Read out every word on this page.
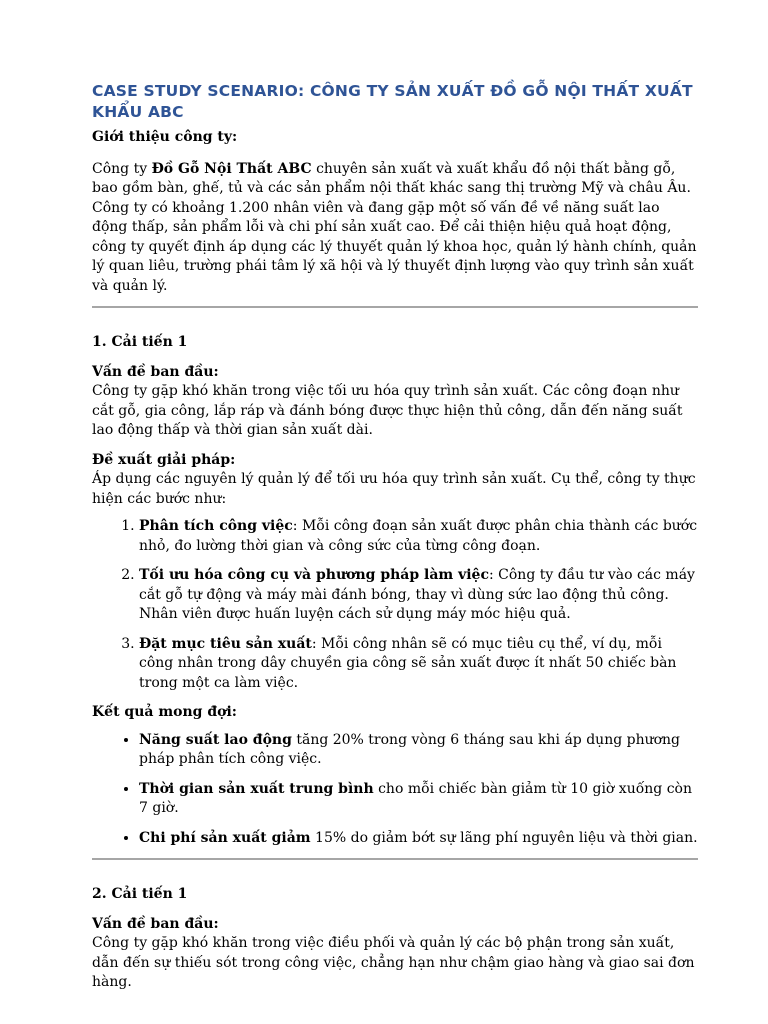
CASE STUDY SCENARIO: CÔNG TY SẢN XUẤT ĐỒ GỖ NỘI THẤT XUẤT KHẨU ABC

Giới thiệu công ty:

Công ty Đồ Gỗ Nội Thất ABC chuyên sản xuất và xuất khẩu đồ nội thất bằng gỗ, bao gồm bàn, ghế, tủ và các sản phẩm nội thất khác sang thị trường Mỹ và châu Âu. Công ty có khoảng 1.200 nhân viên và đang gặp một số vấn đề về năng suất lao động thấp, sản phẩm lỗi và chi phí sản xuất cao. Để cải thiện hiệu quả hoạt động, công ty quyết định áp dụng các lý thuyết quản lý khoa học, quản lý hành chính, quản lý quan liêu, trường phái tâm lý xã hội và lý thuyết định lượng vào quy trình sản xuất và quản lý.

1. Cải tiến 1

Vấn đề ban đầu:

Công ty gặp khó khăn trong việc tối ưu hóa quy trình sản xuất. Các công đoạn như cắt gỗ, gia công, lắp ráp và đánh bóng được thực hiện thủ công, dẫn đến năng suất lao động thấp và thời gian sản xuất dài.

Đề xuất giải pháp:

Áp dụng các nguyên lý quản lý để tối ưu hóa quy trình sản xuất. Cụ thể, công ty thực hiện các bước như:

1. Phân tích công việc: Mỗi công đoạn sản xuất được phân chia thành các bước nhỏ, đo lường thời gian và công sức của từng công đoạn.
2. Tối ưu hóa công cụ và phương pháp làm việc: Công ty đầu tư vào các máy cắt gỗ tự động và máy mài đánh bóng, thay vì dùng sức lao động thủ công. Nhân viên được huấn luyện cách sử dụng máy móc hiệu quả.
3. Đặt mục tiêu sản xuất: Mỗi công nhân sẽ có mục tiêu cụ thể, ví dụ, mỗi công nhân trong dây chuyền gia công sẽ sản xuất được ít nhất 50 chiếc bàn trong một ca làm việc.

Kết quả mong đợi:

• Năng suất lao động tăng 20% trong vòng 6 tháng sau khi áp dụng phương pháp phân tích công việc.
• Thời gian sản xuất trung bình cho mỗi chiếc bàn giảm từ 10 giờ xuống còn 7 giờ.
• Chi phí sản xuất giảm 15% do giảm bớt sự lãng phí nguyên liệu và thời gian.

2. Cải tiến 1

Vấn đề ban đầu:

Công ty gặp khó khăn trong việc điều phối và quản lý các bộ phận trong sản xuất, dẫn đến sự thiếu sót trong công việc, chẳng hạn như chậm giao hàng và giao sai đơn hàng.
